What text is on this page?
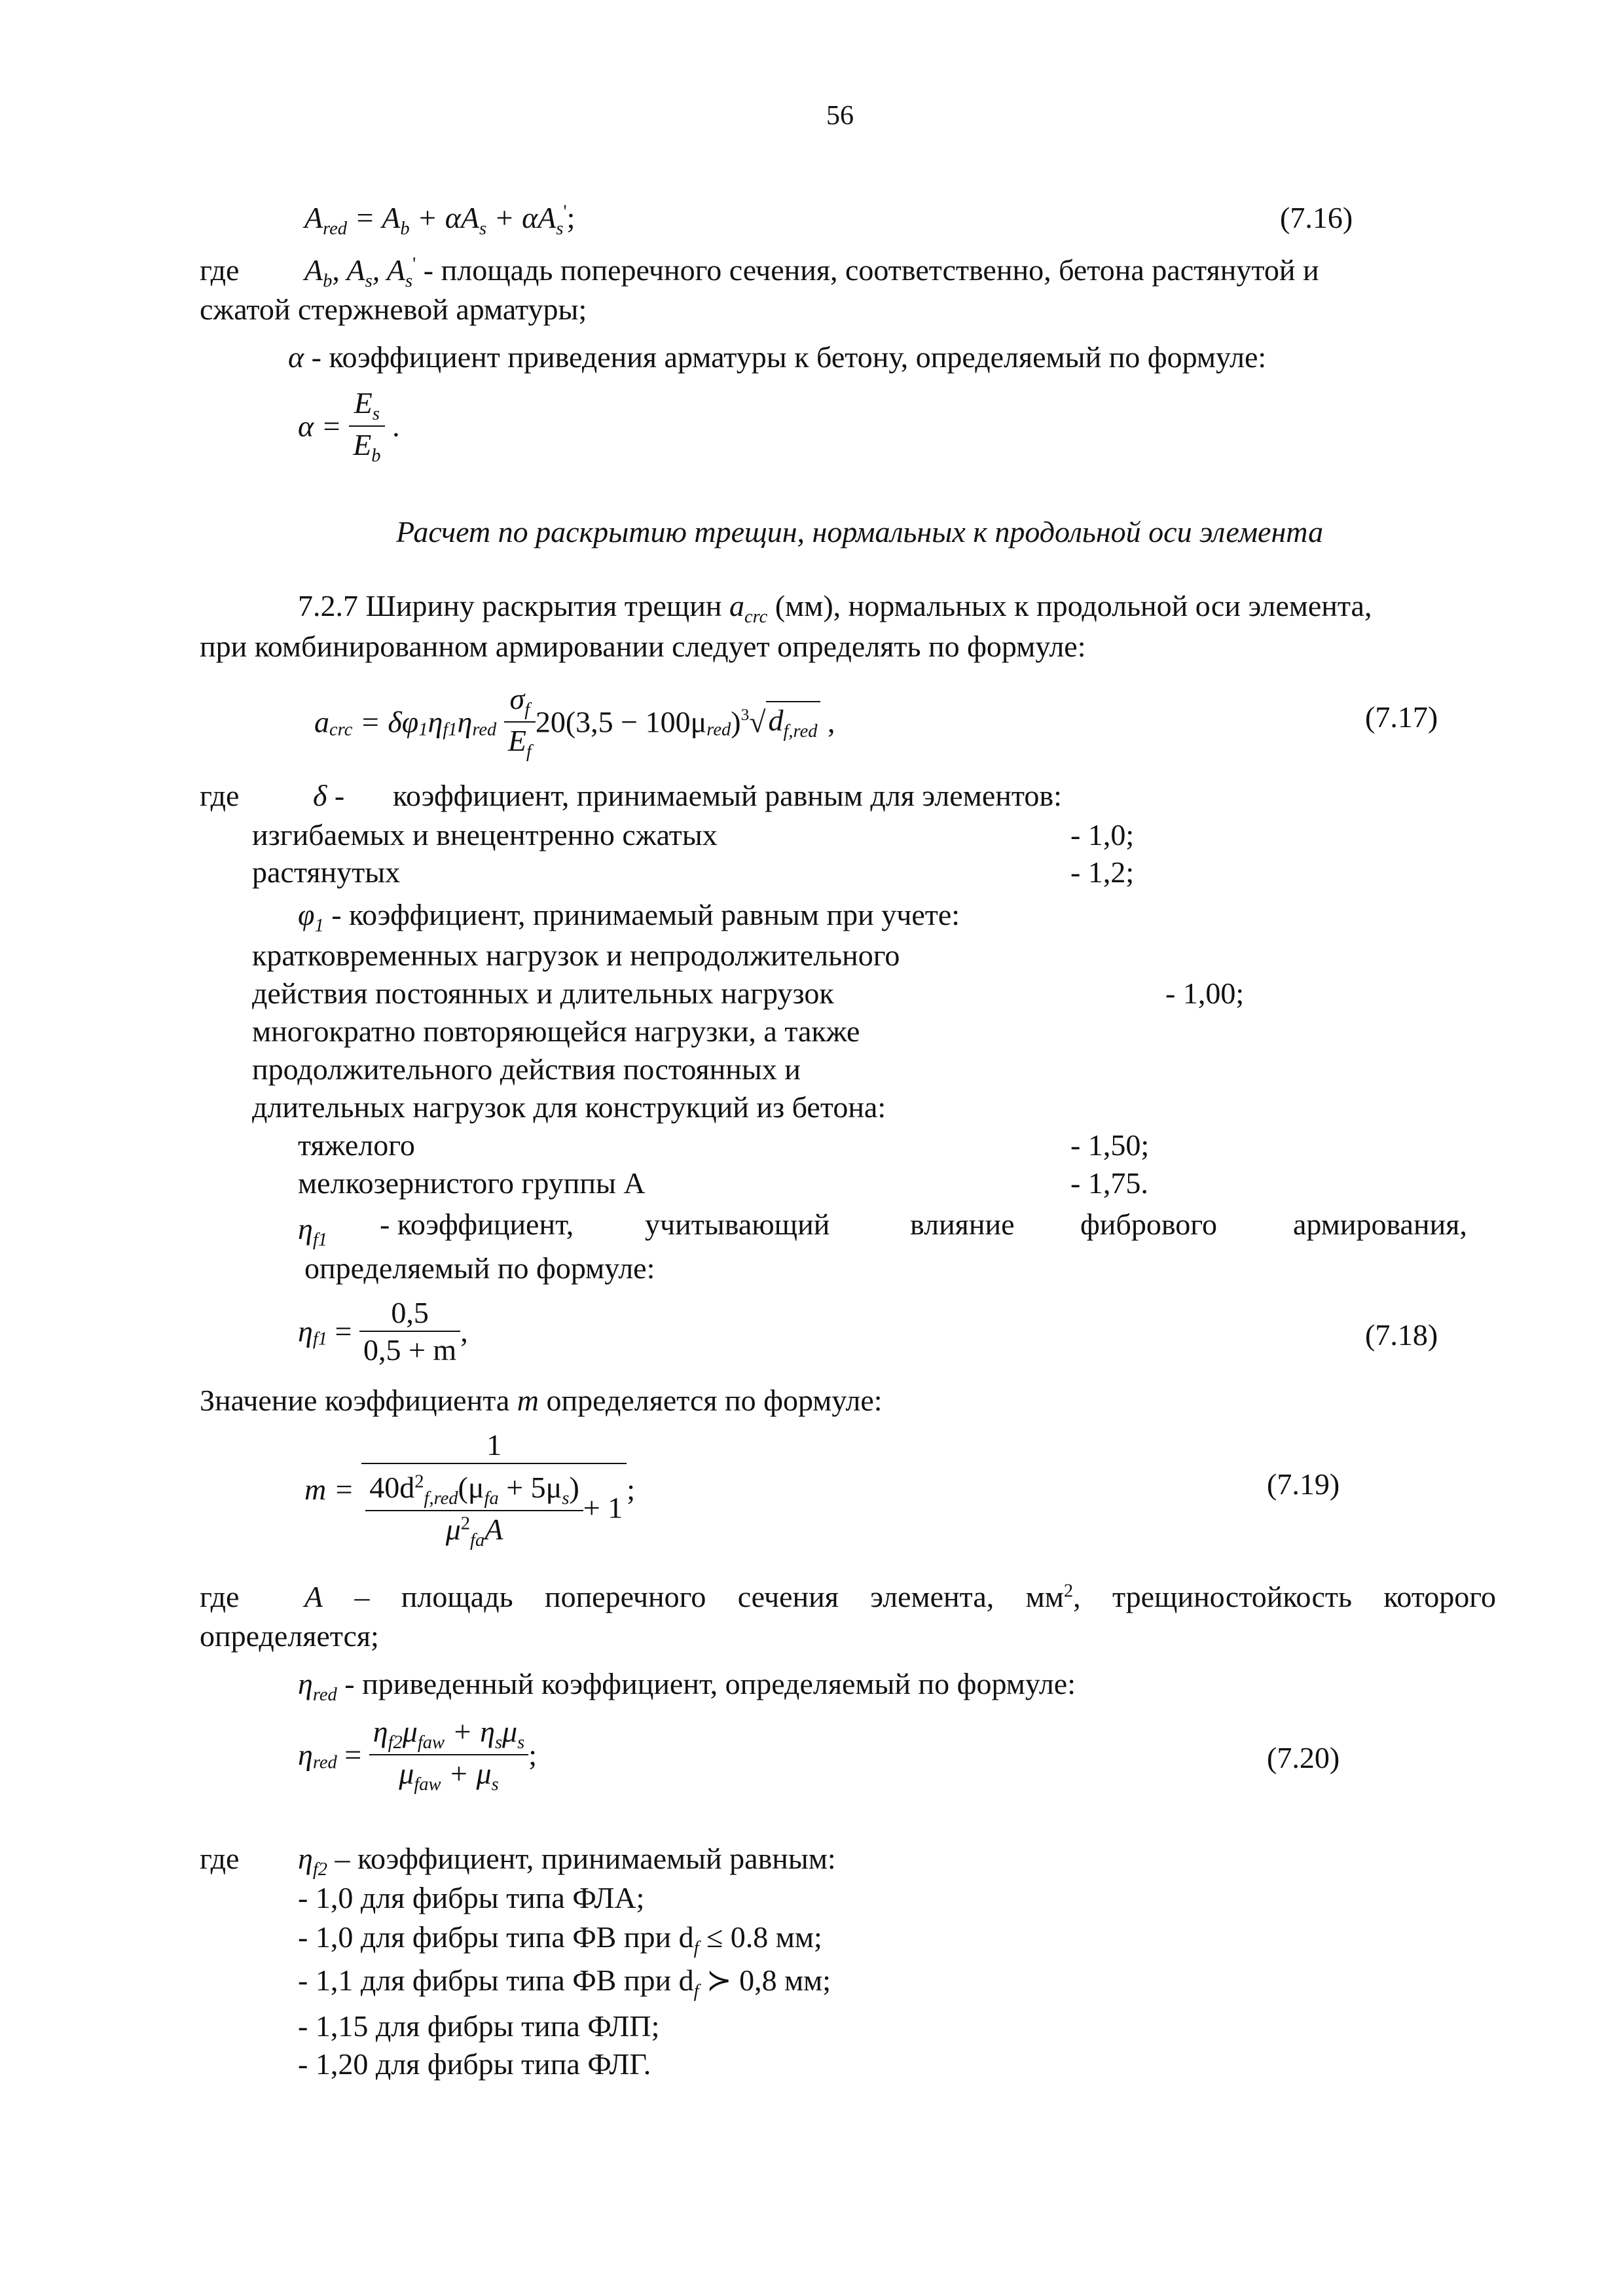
56
$A_{red} = A_b + \alpha A_s + \alpha A_s'$;	(7.16)
где $A_b$, $A_s$, $A_s'$ - площадь поперечного сечения, соответственно, бетона растянутой и
сжатой стержневой арматуры;
α - коэффициент приведения арматуры к бетону, определяемый по формуле:
$\alpha = \frac{E_s}{E_b}$ .
Расчет по раскрытию трещин, нормальных к продольной оси элемента
7.2.7 Ширину раскрытия трещин $a_{crc}$ (мм), нормальных к продольной оси элемента,
при комбинированном армировании следует определять по формуле:
$a_{crc} = \delta\varphi_1\eta_{f1}\eta_{red} \frac{\sigma_f}{E_f} 20(3,5 - 100\mu_{red})^3√d_{f,red}$ ,	(7.17)
где δ - коэффициент, принимаемый равным для элементов:
изгибаемых и внецентренно сжатых	- 1,0;
растянутых	- 1,2;
$\varphi_1$ - коэффициент, принимаемый равным при учете:
кратковременных нагрузок и непродолжительного
действия постоянных и длительных нагрузок	- 1,00;
многократно повторяющейся нагрузки, а также
продолжительного действия постоянных и
длительных нагрузок для конструкций из бетона:
тяжелого	- 1,50;
мелкозернистого группы А	- 1,75.
$\eta_{f1}$ - коэффициент, учитывающий	влияние фибрового	армирования,
определяемый по формуле:
$\eta_{f1} = \frac{0,5}{0,5 + m}$ ,	(7.18)
Значение коэффициента m определяется по формуле:
$m = \frac{1}{\frac{40d^2_{f,red}(\mu_{fa} + 5\mu_s)}{\mu^2_{fa}A} + 1}$ ;	(7.19)
где A – площадь поперечного сечения элемента, $мм^2$, трещиностойкость которого
определяется;
$\eta_{red}$ - приведенный коэффициент, определяемый по формуле:
$\eta_{red} = \frac{\eta_{f2}\mu_{faw} + \eta_s\mu_s}{\mu_{faw} + \mu_s}$ ;	(7.20)
где $\eta_{f2}$ – коэффициент, принимаемый равным:
- 1,0 для фибры типа ФЛА;
- 1,0 для фибры типа ФВ при $d_f \le 0.8$ мм;
- 1,1 для фибры типа ФВ при $d_f$ ≻ 0,8 мм;
- 1,15 для фибры типа ФЛП;
- 1,20 для фибры типа ФЛГ.
